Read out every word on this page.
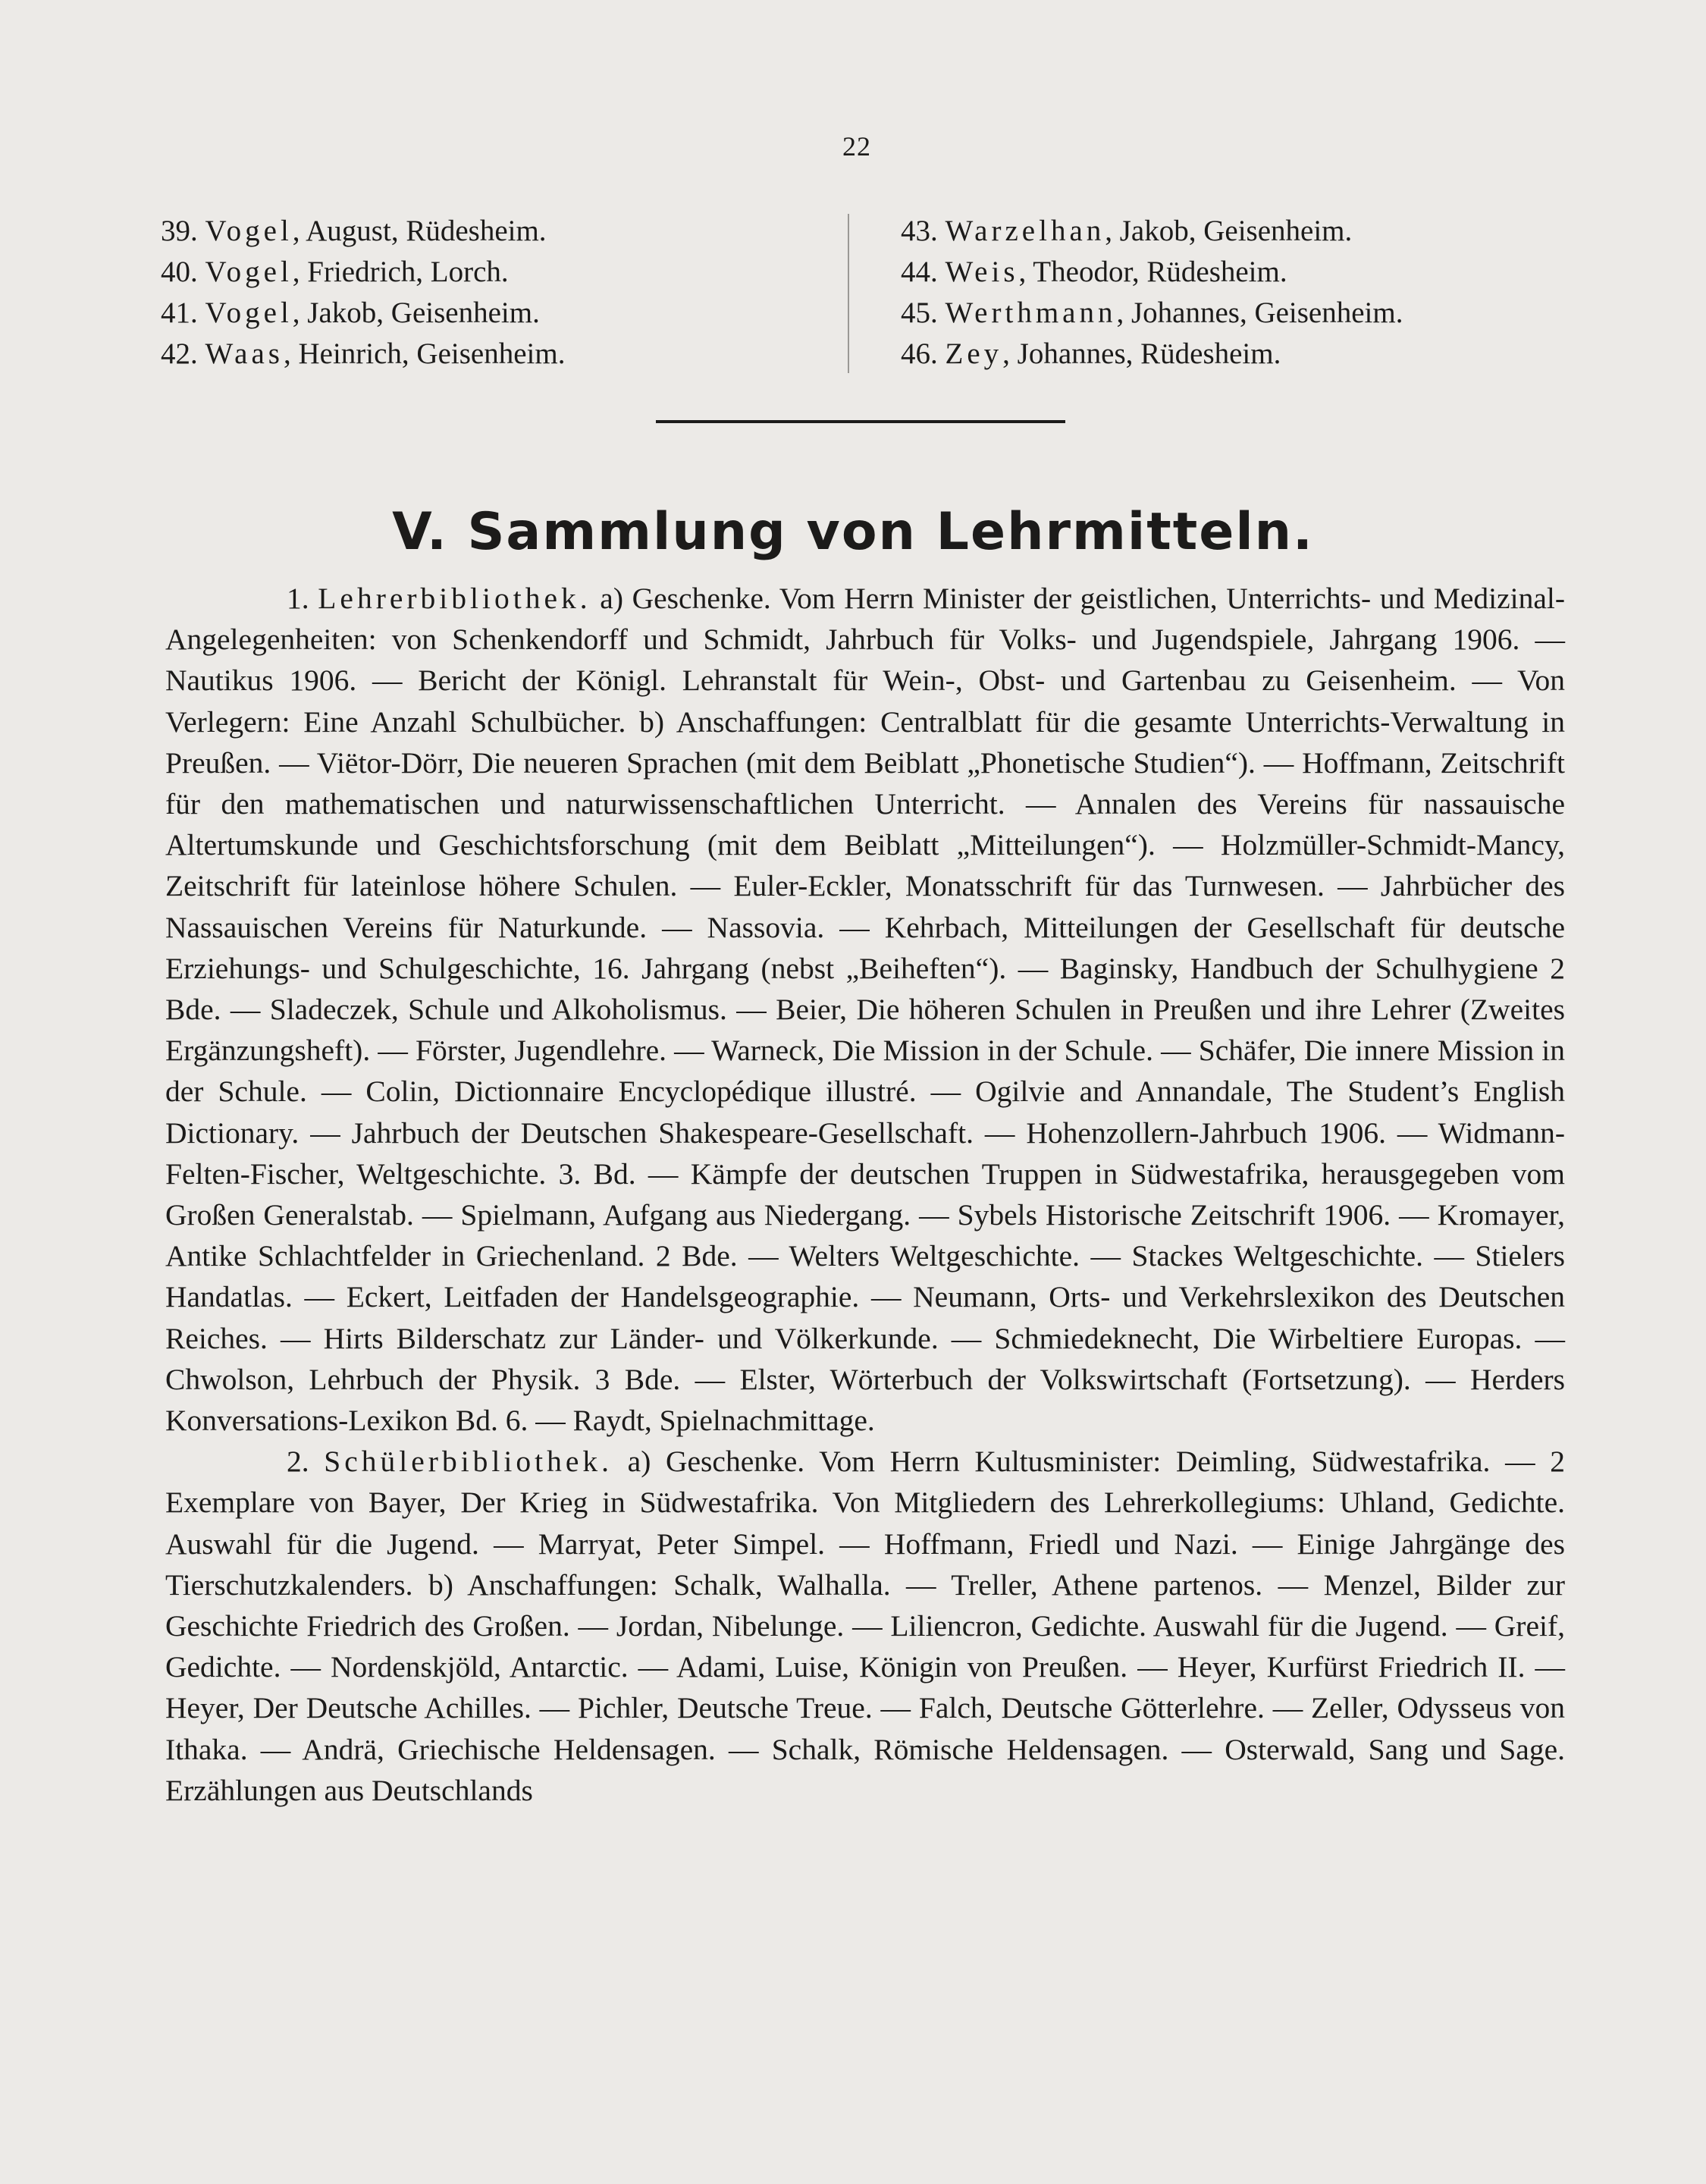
22
39. Vogel, August, Rüdesheim.
40. Vogel, Friedrich, Lorch.
41. Vogel, Jakob, Geisenheim.
42. Waas, Heinrich, Geisenheim.
43. Warzelhan, Jakob, Geisenheim.
44. Weis, Theodor, Rüdesheim.
45. Werthmann, Johannes, Geisenheim.
46. Zey, Johannes, Rüdesheim.
V. Sammlung von Lehrmitteln.

1. Lehrerbibliothek. a) Geschenke. Vom Herrn Minister der geistlichen, Unterrichts- und Medizinal-Angelegenheiten: von Schenkendorff und Schmidt, Jahrbuch für Volks- und Jugendspiele, Jahrgang 1906. — Nautikus 1906. — Bericht der Königl. Lehranstalt für Wein-, Obst- und Gartenbau zu Geisenheim. — Von Verlegern: Eine Anzahl Schulbücher. b) Anschaffungen: Centralblatt für die gesamte Unterrichts-Verwaltung in Preußen. — Viëtor-Dörr, Die neueren Sprachen (mit dem Beiblatt „Phonetische Studien“). — Hoffmann, Zeitschrift für den mathematischen und naturwissenschaftlichen Unterricht. — Annalen des Vereins für nassauische Altertumskunde und Geschichtsforschung (mit dem Beiblatt „Mitteilungen“). — Holzmüller-Schmidt-Mancy, Zeitschrift für lateinlose höhere Schulen. — Euler-Eckler, Monatsschrift für das Turnwesen. — Jahrbücher des Nassauischen Vereins für Naturkunde. — Nassovia. — Kehrbach, Mitteilungen der Gesellschaft für deutsche Erziehungs- und Schulgeschichte, 16. Jahrgang (nebst „Beiheften“). — Baginsky, Handbuch der Schulhygiene 2 Bde. — Sladeczek, Schule und Alkoholismus. — Beier, Die höheren Schulen in Preußen und ihre Lehrer (Zweites Ergänzungsheft). — Förster, Jugendlehre. — Warneck, Die Mission in der Schule. — Schäfer, Die innere Mission in der Schule. — Colin, Dictionnaire Encyclopédique illustré. — Ogilvie and Annandale, The Student’s English Dictionary. — Jahrbuch der Deutschen Shakespeare-Gesellschaft. — Hohenzollern-Jahrbuch 1906. — Widmann-Felten-Fischer, Weltgeschichte. 3. Bd. — Kämpfe der deutschen Truppen in Südwestafrika, herausgegeben vom Großen Generalstab. — Spielmann, Aufgang aus Niedergang. — Sybels Historische Zeitschrift 1906. — Kromayer, Antike Schlachtfelder in Griechenland. 2 Bde. — Welters Weltgeschichte. — Stackes Weltgeschichte. — Stielers Handatlas. — Eckert, Leitfaden der Handelsgeographie. — Neumann, Orts- und Verkehrslexikon des Deutschen Reiches. — Hirts Bilderschatz zur Länder- und Völkerkunde. — Schmiedeknecht, Die Wirbeltiere Europas. — Chwolson, Lehrbuch der Physik. 3 Bde. — Elster, Wörterbuch der Volkswirtschaft (Fortsetzung). — Herders Konversations-Lexikon Bd. 6. — Raydt, Spielnachmittage.

2. Schülerbibliothek. a) Geschenke. Vom Herrn Kultusminister: Deimling, Südwestafrika. — 2 Exemplare von Bayer, Der Krieg in Südwestafrika. Von Mitgliedern des Lehrerkollegiums: Uhland, Gedichte. Auswahl für die Jugend. — Marryat, Peter Simpel. — Hoffmann, Friedl und Nazi. — Einige Jahrgänge des Tierschutzkalenders. b) Anschaffungen: Schalk, Walhalla. — Treller, Athene partenos. — Menzel, Bilder zur Geschichte Friedrich des Großen. — Jordan, Nibelunge. — Liliencron, Gedichte. Auswahl für die Jugend. — Greif, Gedichte. — Nordenskjöld, Antarctic. — Adami, Luise, Königin von Preußen. — Heyer, Kurfürst Friedrich II. — Heyer, Der Deutsche Achilles. — Pichler, Deutsche Treue. — Falch, Deutsche Götterlehre. — Zeller, Odysseus von Ithaka. — Andrä, Griechische Heldensagen. — Schalk, Römische Heldensagen. — Osterwald, Sang und Sage. Erzählungen aus Deutschlands
